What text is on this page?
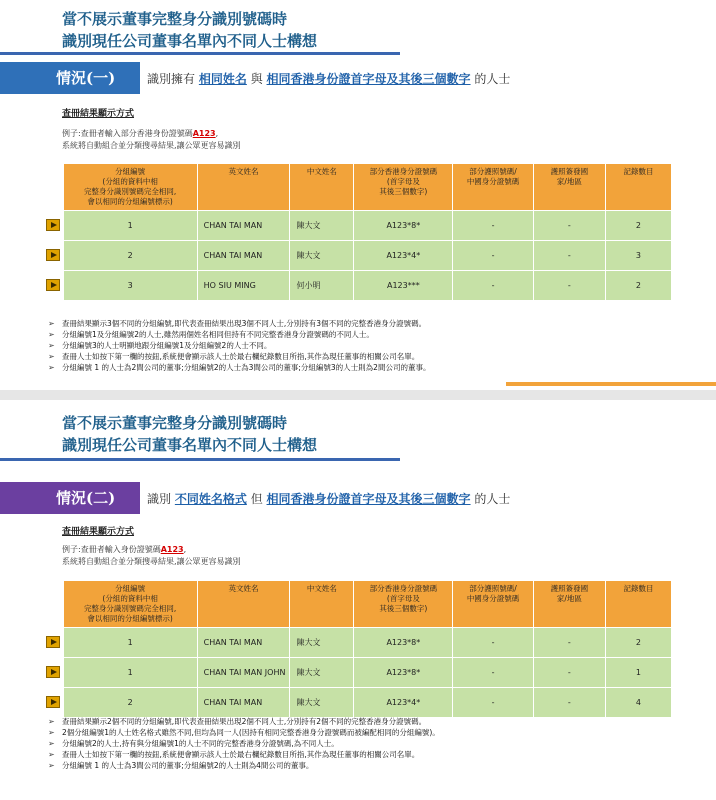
當不展示董事完整身分識別號碼時
識別現任公司董事名單內不同人士構想
情況(一)	識別擁有 相同姓名 與 相同香港身份證首字母及其後三個數字 的人士
查冊結果顯示方式
例子:查冊者輸入部分香港身份證號碼A123,
系統將自動組合並分類搜尋結果,讓公眾更容易識別
	分組編號
(分組的資料中相
完整身分識別號碼完全相同,
會以相同的分組編號標示)	英文姓名	中文姓名	部分香港身分證號碼
(首字母及
其後三個數字)	部分護照號碼/
中國身分證號碼	護照簽發國
家/地區	記錄數目
	1	CHAN TAI MAN	陳大文	A123*8*	-	-	2
	2	CHAN TAI MAN	陳大文	A123*4*	-	-	3
	3	HO SIU MING	何小明	A123***	-	-	2
➢ 查冊結果顯示3個不同的分組編號,即代表查冊結果出現3個不同人士,分別持有3個不同的完整香港身分證號碼。
➢ 分組編號1及分組編號2的人士,雖然兩個姓名相同但持有不同完整香港身分證號碼的不同人士。
➢ 分組編號3的人士明顯地跟分組編號1及分組編號2的人士不同。
➢ 查冊人士如按下第一欄的按鈕,系統便會顯示該人士於最右欄紀錄數目所指,其作為現任董事的相關公司名單。
➢ 分組編號 1 的人士為2間公司的董事;分組編號2的人士為3間公司的董事;分組編號3的人士則為2間公司的董事。
當不展示董事完整身分識別號碼時
識別現任公司董事名單內不同人士構想
情況(二)	識別 不同姓名格式 但 相同香港身份證首字母及其後三個數字 的人士
查冊結果顯示方式
例子:查冊者輸入身份證號碼A123,
系統將自動組合並分類搜尋結果,讓公眾更容易識別
	分組編號
(分組的資料中相
完整身分識別號碼完全相同,
會以相同的分組編號標示)	英文姓名	中文姓名	部分香港身分證號碼
(首字母及
其後三個數字)	部分護照號碼/
中國身分證號碼	護照簽發國
家/地區	記錄數目
	1	CHAN TAI MAN	陳大文	A123*8*	-	-	2
	1	CHAN TAI MAN JOHN	陳大文	A123*8*	-	-	1
	2	CHAN TAI MAN	陳大文	A123*4*	-	-	4
➢ 查冊結果顯示2個不同的分組編號,即代表查冊結果出現2個不同人士,分別持有2個不同的完整香港身分證號碼。
➢ 2個分組編號1的人士姓名格式雖然不同,但均為同一人(因持有相同完整香港身分證號碼而被編配相同的分組編號)。
➢ 分組編號2的人士,持有與分組編號1的人士不同的完整香港身分證號碼,為不同人士。
➢ 查冊人士如按下第一欄的按鈕,系統便會顯示該人士於最右欄紀錄數目所指,其作為現任董事的相關公司名單。
➢ 分組編號 1 的人士為3間公司的董事;分組編號2的人士則為4間公司的董事。
